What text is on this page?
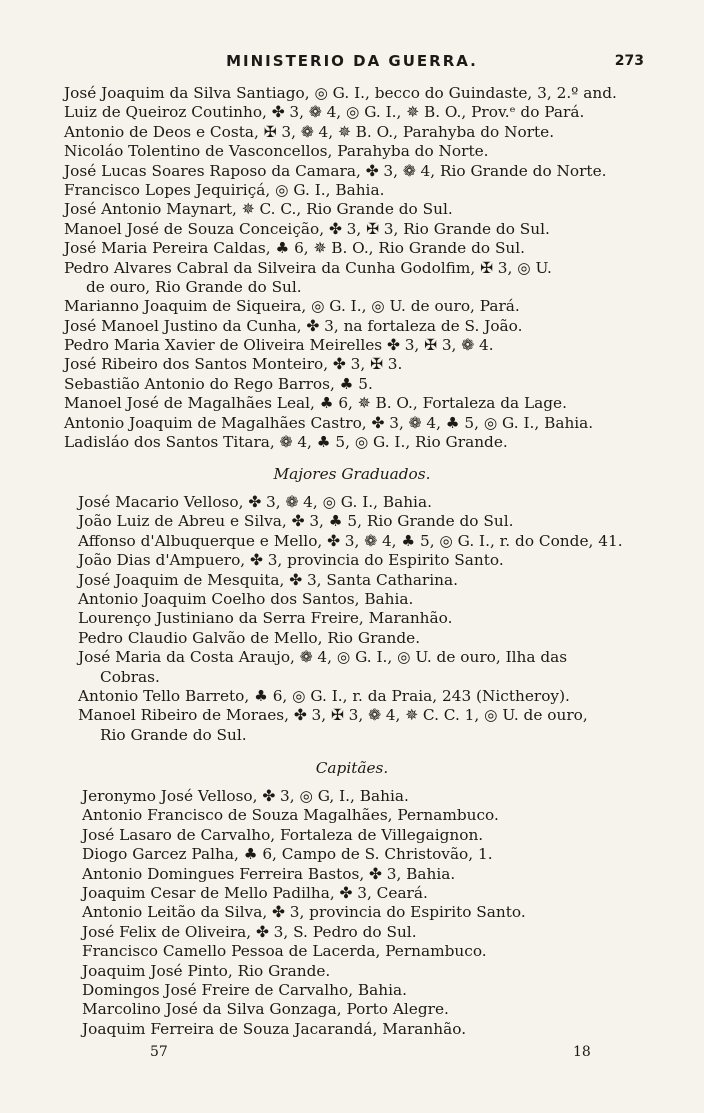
MINISTERIO DA GUERRA.	273
José Joaquim da Silva Santiago, ◎ G. I., becco do Guindaste, 3, 2.º and.
Luiz de Queiroz Coutinho, ✤ 3, ❁ 4, ◎ G. I., ✵ B. O., Prov.ᵉ do Pará.
Antonio de Deos e Costa, ✠ 3, ❁ 4, ✵ B. O., Parahyba do Norte.
Nicoláo Tolentino de Vasconcellos, Parahyba do Norte.
José Lucas Soares Raposo da Camara, ✤ 3, ❁ 4, Rio Grande do Norte.
Francisco Lopes Jequiriçá, ◎ G. I., Bahia.
José Antonio Maynart, ✵ C. C., Rio Grande do Sul.
Manoel José de Souza Conceição, ✤ 3, ✠ 3, Rio Grande do Sul.
José Maria Pereira Caldas, ♣ 6, ✵ B. O., Rio Grande do Sul.
Pedro Alvares Cabral da Silveira da Cunha Godolfim, ✠ 3, ◎ U.
de ouro, Rio Grande do Sul.
Marianno Joaquim de Siqueira, ◎ G. I., ◎ U. de ouro, Pará.
José Manoel Justino da Cunha, ✤ 3, na fortaleza de S. João.
Pedro Maria Xavier de Oliveira Meirelles ✤ 3, ✠ 3, ❁ 4.
José Ribeiro dos Santos Monteiro, ✤ 3, ✠ 3.
Sebastião Antonio do Rego Barros, ♣ 5.
Manoel José de Magalhães Leal, ♣ 6, ✵ B. O., Fortaleza da Lage.
Antonio Joaquim de Magalhães Castro, ✤ 3, ❁ 4, ♣ 5, ◎ G. I., Bahia.
Ladisláo dos Santos Titara, ❁ 4, ♣ 5, ◎ G. I., Rio Grande.
Majores Graduados.
José Macario Velloso, ✤ 3, ❁ 4, ◎ G. I., Bahia.
João Luiz de Abreu e Silva, ✤ 3, ♣ 5, Rio Grande do Sul.
Affonso d'Albuquerque e Mello, ✤ 3, ❁ 4, ♣ 5, ◎ G. I., r. do Conde, 41.
João Dias d'Ampuero, ✤ 3, provincia do Espirito Santo.
José Joaquim de Mesquita, ✤ 3, Santa Catharina.
Antonio Joaquim Coelho dos Santos, Bahia.
Lourenço Justiniano da Serra Freire, Maranhão.
Pedro Claudio Galvão de Mello, Rio Grande.
José Maria da Costa Araujo, ❁ 4, ◎ G. I., ◎ U. de ouro, Ilha das
Cobras.
Antonio Tello Barreto, ♣ 6, ◎ G. I., r. da Praia, 243 (Nictheroy).
Manoel Ribeiro de Moraes, ✤ 3, ✠ 3, ❁ 4, ✵ C. C. 1, ◎ U. de ouro,
Rio Grande do Sul.
Capitães.
Jeronymo José Velloso, ✤ 3, ◎ G, I., Bahia.
Antonio Francisco de Souza Magalhães, Pernambuco.
José Lasaro de Carvalho, Fortaleza de Villegaignon.
Diogo Garcez Palha, ♣ 6, Campo de S. Christovão, 1.
Antonio Domingues Ferreira Bastos, ✤ 3, Bahia.
Joaquim Cesar de Mello Padilha, ✤ 3, Ceará.
Antonio Leitão da Silva, ✤ 3, provincia do Espirito Santo.
José Felix de Oliveira, ✤ 3, S. Pedro do Sul.
Francisco Camello Pessoa de Lacerda, Pernambuco.
Joaquim José Pinto, Rio Grande.
Domingos José Freire de Carvalho, Bahia.
Marcolino José da Silva Gonzaga, Porto Alegre.
Joaquim Ferreira de Souza Jacarandá, Maranhão.
57	18
